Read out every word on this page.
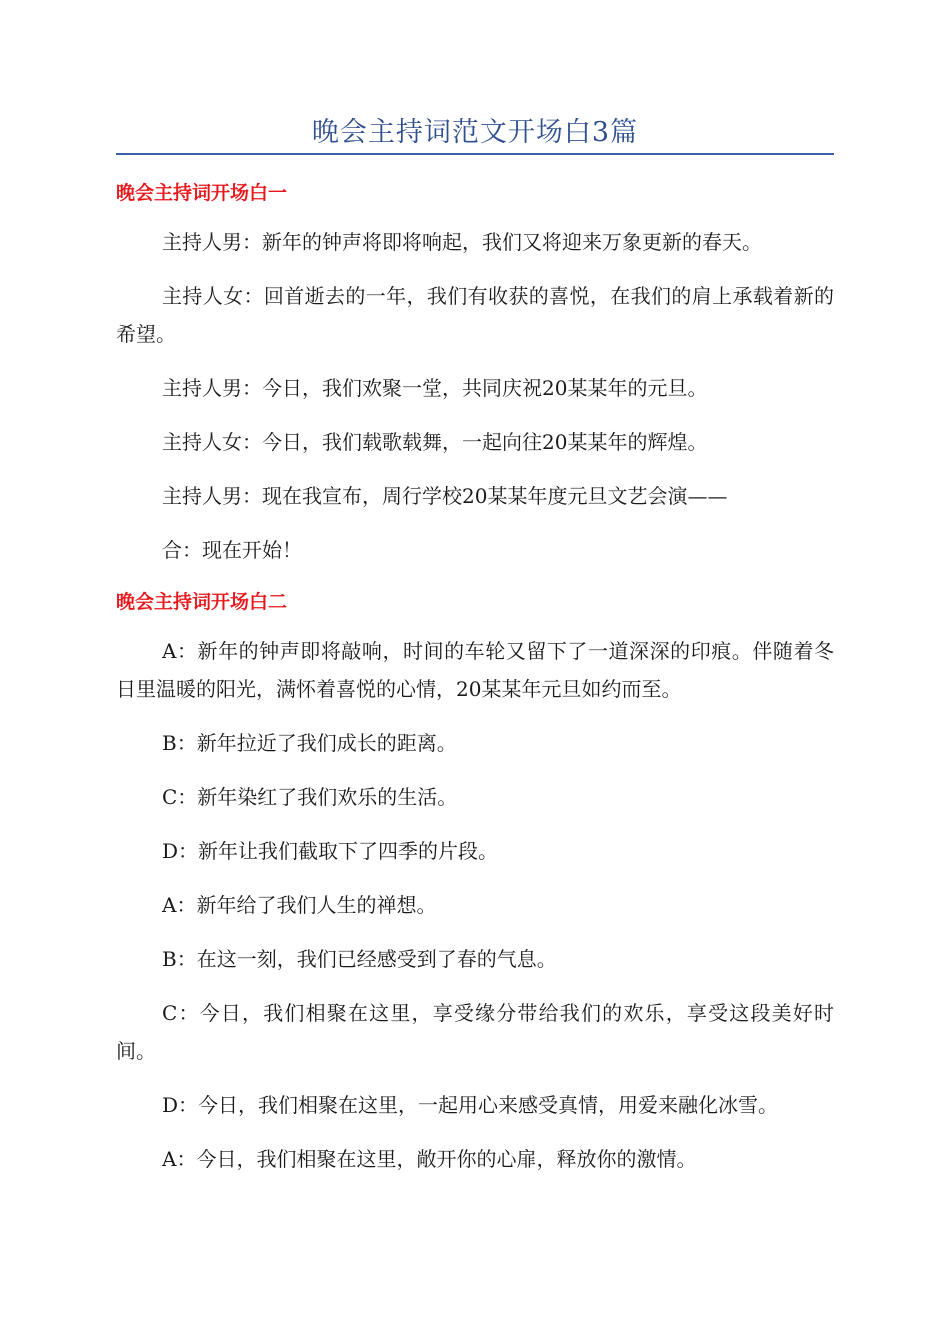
晚会主持词范文开场白3篇
晚会主持词开场白一

主持人男：新年的钟声将即将响起，我们又将迎来万象更新的春天。

主持人女：回首逝去的一年，我们有收获的喜悦，在我们的肩上承载着新的希望。

主持人男：今日，我们欢聚一堂，共同庆祝20某某年的元旦。

主持人女：今日，我们载歌载舞，一起向往20某某年的辉煌。

主持人男：现在我宣布，周行学校20某某年度元旦文艺会演——

合：现在开始！

晚会主持词开场白二

A：新年的钟声即将敲响，时间的车轮又留下了一道深深的印痕。伴随着冬日里温暖的阳光，满怀着喜悦的心情，20某某年元旦如约而至。

B：新年拉近了我们成长的距离。

C：新年染红了我们欢乐的生活。

D：新年让我们截取下了四季的片段。

A：新年给了我们人生的禅想。

B：在这一刻，我们已经感受到了春的气息。

C：今日，我们相聚在这里，享受缘分带给我们的欢乐，享受这段美好时间。

D：今日，我们相聚在这里，一起用心来感受真情，用爱来融化冰雪。

A：今日，我们相聚在这里，敞开你的心扉，释放你的激情。
